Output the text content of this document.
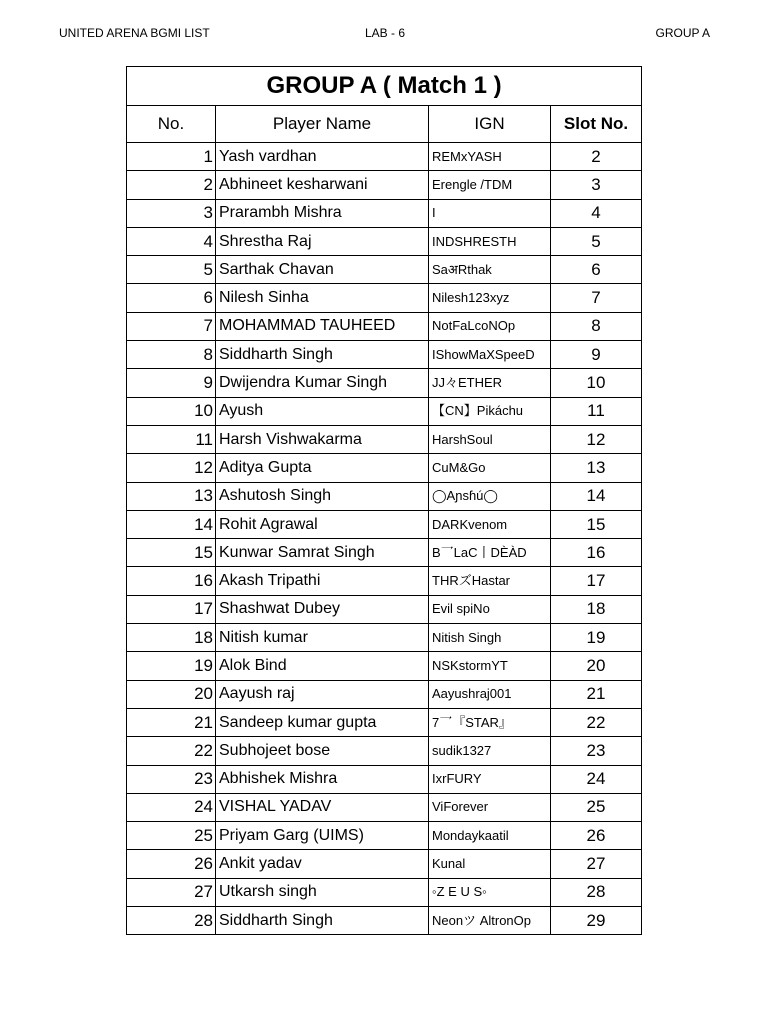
UNITED ARENA BGMI LIST	LAB - 6	GROUP A
GROUP A ( Match 1 )			
No.	Player Name	IGN	Slot No.
1	Yash vardhan	REMxYASH	2
2	Abhineet kesharwani	Erengle /TDM	3
3	Prarambh Mishra	I	4
4	Shrestha Raj	INDSHRESTH	5
5	Sarthak Chavan	SaअRthak	6
6	Nilesh Sinha	Nilesh123xyz	7
7	MOHAMMAD TAUHEED	NotFaLcoNOp	8
8	Siddharth Singh	IShowMaXSpeeD	9
9	Dwijendra Kumar Singh	JJ々ETHER	10
10	Ayush	【CN】Pikáchu	11
11	Harsh Vishwakarma	HarshSoul	12
12	Aditya Gupta	CuM&Go	13
13	Ashutosh Singh	◯Aɲsɦú◯	14
14	Rohit Agrawal	DARKvenom	15
15	Kunwar Samrat Singh	B乛LaC丨DÈÀD	16
16	Akash Tripathi	THRズHastar	17
17	Shashwat Dubey	Evil spiNo	18
18	Nitish kumar	Nitish Singh	19
19	Alok Bind	NSKstormYT	20
20	Aayush raj	Aayushraj001	21
21	Sandeep kumar gupta	7乛『STAR』	22
22	Subhojeet bose	sudik1327	23
23	Abhishek Mishra	IxrFURY	24
24	VISHAL YADAV	ViForever	25
25	Priyam Garg (UIMS)	Mondaykaatil	26
26	Ankit yadav	Kunal	27
27	Utkarsh singh	◦Z E U S◦	28
28	Siddharth Singh	Neonツ AltronOp	29
